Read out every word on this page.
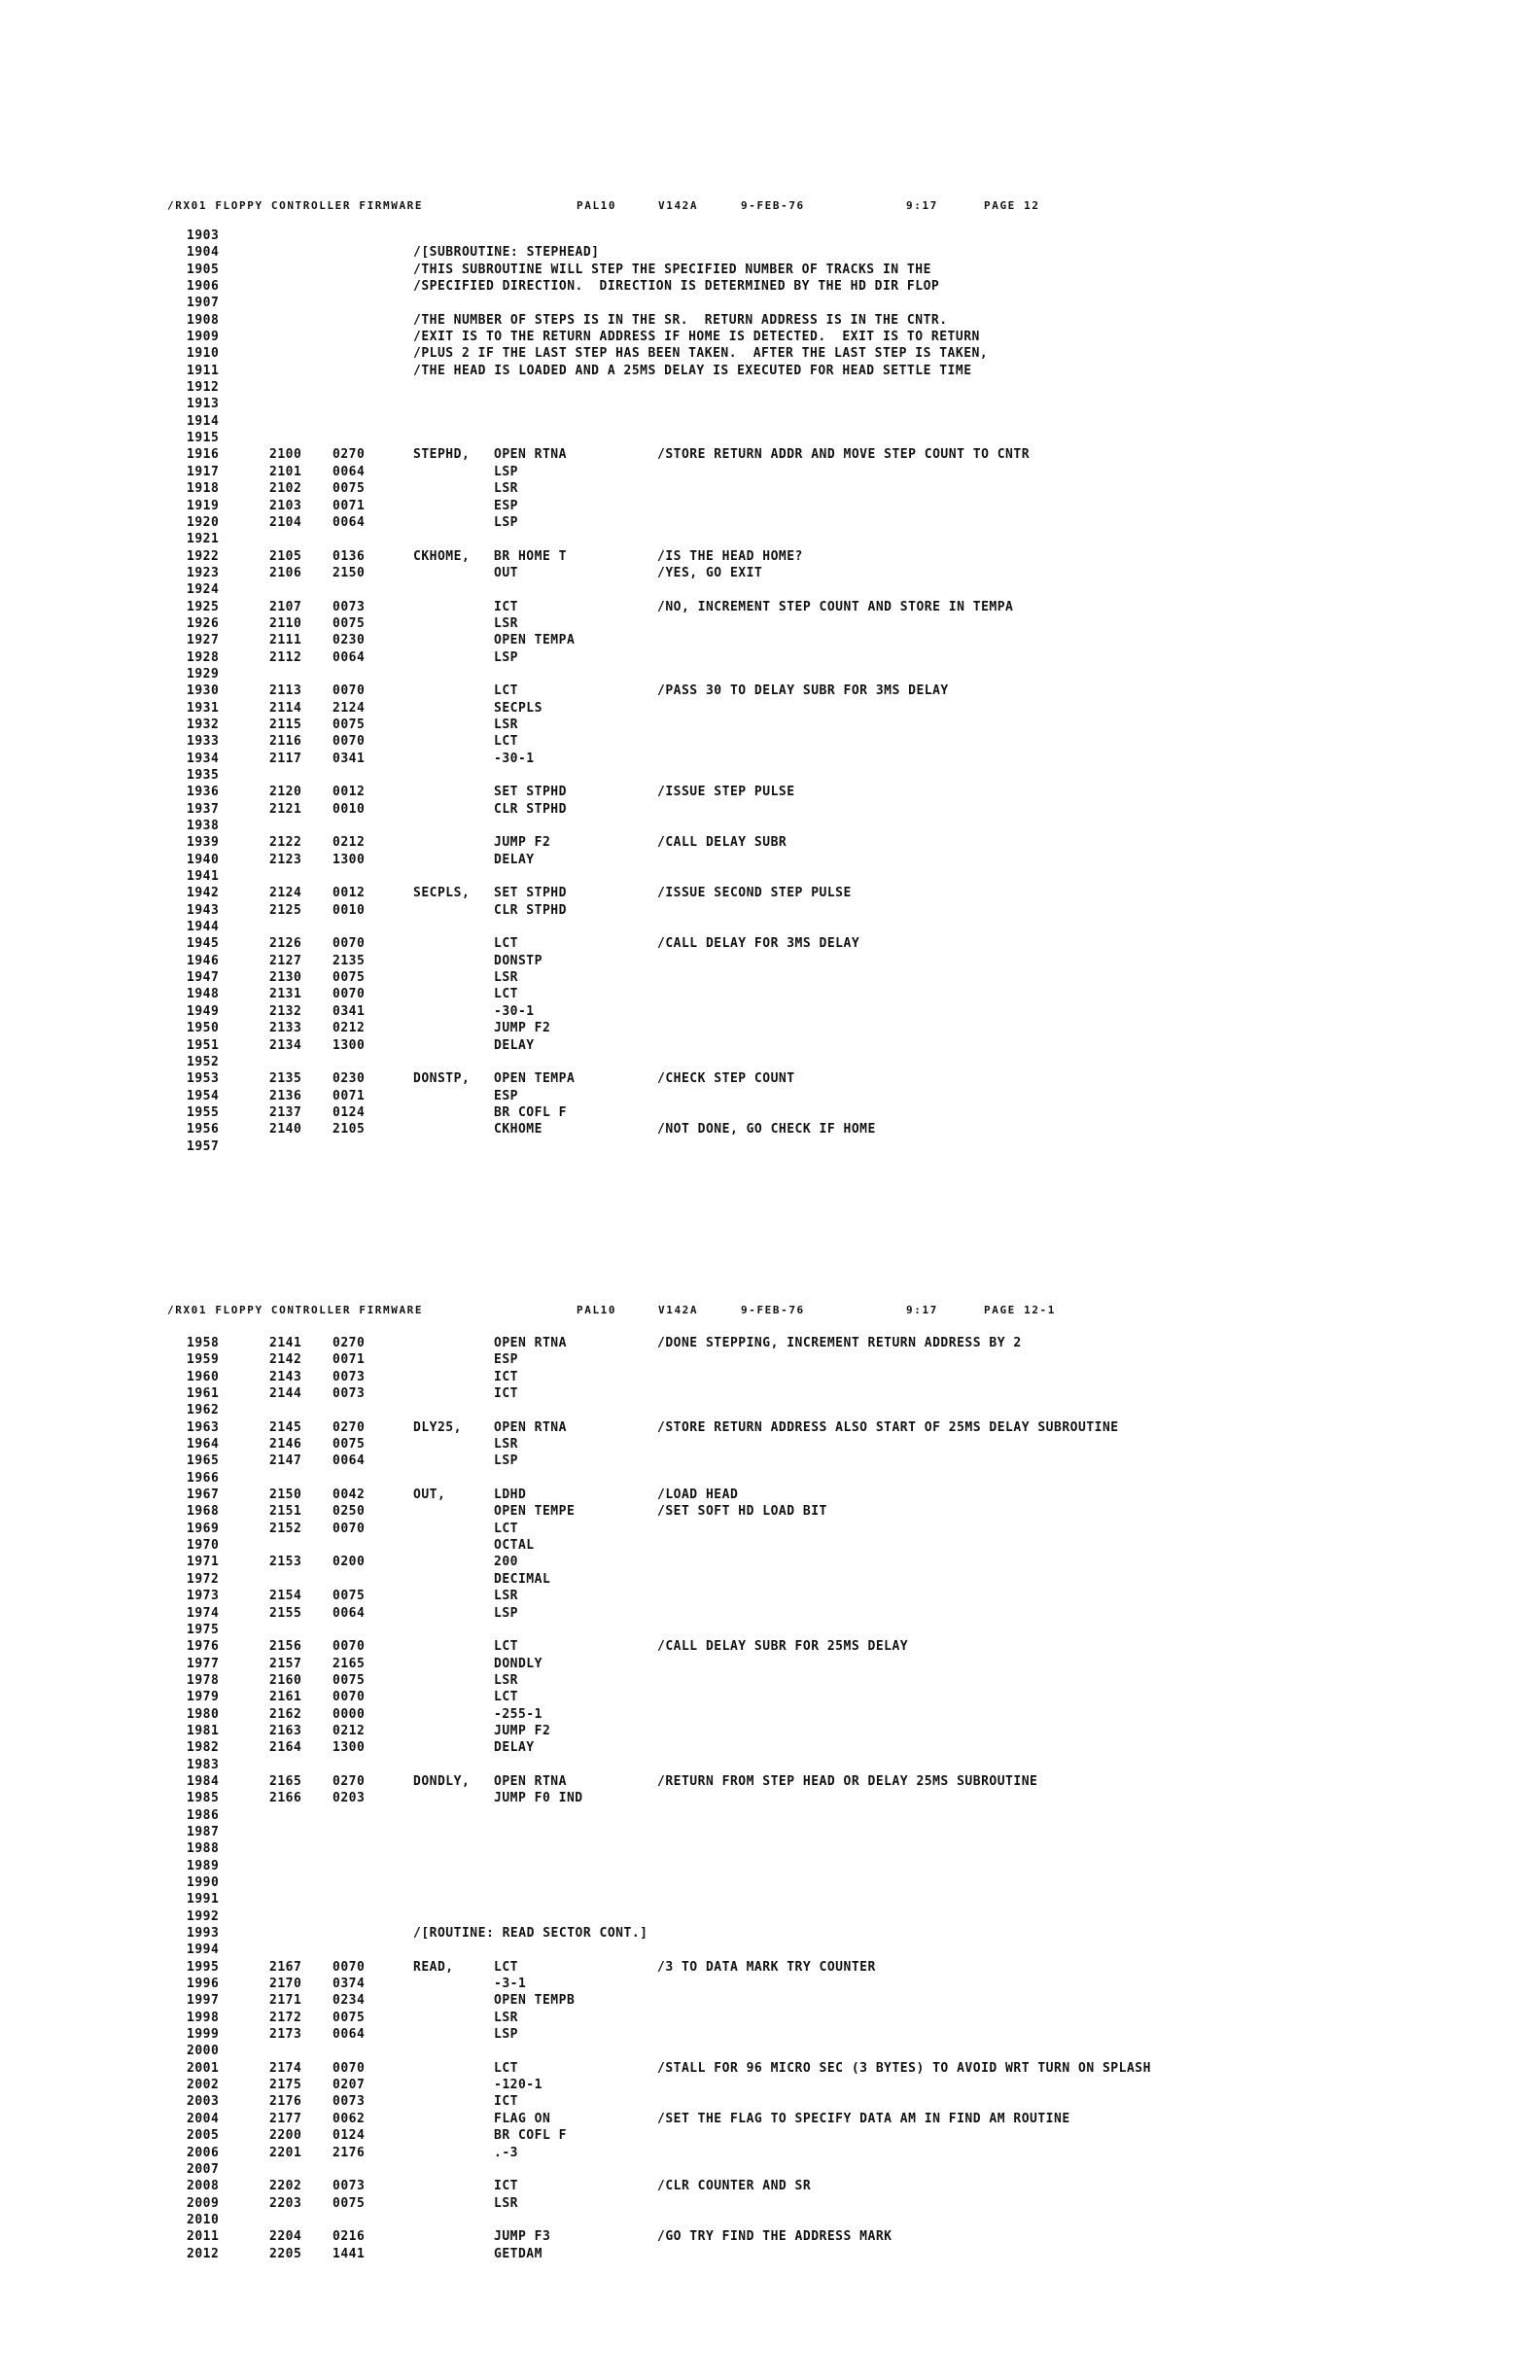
/RX01 FLOPPY CONTROLLER FIRMWARE

	PAL10

	V142A

	9-FEB-76

	9:17

	PAGE 12

1903
1904	/[SUBROUTINE: STEPHEAD]
1905	/THIS SUBROUTINE WILL STEP THE SPECIFIED NUMBER OF TRACKS IN THE
1906	/SPECIFIED DIRECTION.  DIRECTION IS DETERMINED BY THE HD DIR FLOP
1907
1908	/THE NUMBER OF STEPS IS IN THE SR.  RETURN ADDRESS IS IN THE CNTR.
1909	/EXIT IS TO THE RETURN ADDRESS IF HOME IS DETECTED.  EXIT IS TO RETURN
1910	/PLUS 2 IF THE LAST STEP HAS BEEN TAKEN.  AFTER THE LAST STEP IS TAKEN,
1911	/THE HEAD IS LOADED AND A 25MS DELAY IS EXECUTED FOR HEAD SETTLE TIME
1912
1913
1914
1915
1916	2100 0270	STEPHD, OPEN RTNA	/STORE RETURN ADDR AND MOVE STEP COUNT TO CNTR
1917	2101 0064	LSP
1918	2102 0075	LSR
1919	2103 0071	ESP
1920	2104 0064	LSP
1921
1922	2105 0136	CKHOME, BR HOME T	/IS THE HEAD HOME?
1923	2106 2150	OUT	/YES, GO EXIT
1924
1925	2107 0073	ICT	/NO, INCREMENT STEP COUNT AND STORE IN TEMPA
1926	2110 0075	LSR
1927	2111 0230	OPEN TEMPA
1928	2112 0064	LSP
1929
1930	2113 0070	LCT	/PASS 30 TO DELAY SUBR FOR 3MS DELAY
1931	2114 2124	SECPLS
1932	2115 0075	LSR
1933	2116 0070	LCT
1934	2117 0341	-30-1
1935
1936	2120 0012	SET STPHD	/ISSUE STEP PULSE
1937	2121 0010	CLR STPHD
1938
1939	2122 0212	JUMP F2	/CALL DELAY SUBR
1940	2123 1300	DELAY
1941
1942	2124 0012	SECPLS, SET STPHD	/ISSUE SECOND STEP PULSE
1943	2125 0010	CLR STPHD
1944
1945	2126 0070	LCT	/CALL DELAY FOR 3MS DELAY
1946	2127 2135	DONSTP
1947	2130 0075	LSR
1948	2131 0070	LCT
1949	2132 0341	-30-1
1950	2133 0212	JUMP F2
1951	2134 1300	DELAY
1952
1953	2135 0230	DONSTP, OPEN TEMPA	/CHECK STEP COUNT
1954	2136 0071	ESP
1955	2137 0124	BR COFL F
1956	2140 2105	CKHOME	/NOT DONE, GO CHECK IF HOME
1957

/RX01 FLOPPY CONTROLLER FIRMWARE

	PAL10

	V142A

	9-FEB-76

	9:17

	PAGE 12-1

1958	2141 0270	OPEN RTNA	/DONE STEPPING, INCREMENT RETURN ADDRESS BY 2
1959	2142 0071	ESP
1960	2143 0073	ICT
1961	2144 0073	ICT
1962
1963	2145 0270	DLY25,	OPEN RTNA	/STORE RETURN ADDRESS ALSO START OF 25MS DELAY SUBROUTINE
1964	2146 0075	LSR
1965	2147 0064	LSP
1966
1967	2150 0042	OUT,	LDHD	/LOAD HEAD
1968	2151 0250	OPEN TEMPE	/SET SOFT HD LOAD BIT
1969	2152 0070	LCT
1970	OCTAL
1971	2153 0200	200
1972	DECIMAL
1973	2154 0075	LSR
1974	2155 0064	LSP
1975
1976	2156 0070	LCT	/CALL DELAY SUBR FOR 25MS DELAY
1977	2157 2165	DONDLY
1978	2160 0075	LSR
1979	2161 0070	LCT
1980	2162 0000	-255-1
1981	2163 0212	JUMP F2
1982	2164 1300	DELAY
1983
1984	2165 0270	DONDLY, OPEN RTNA	/RETURN FROM STEP HEAD OR DELAY 25MS SUBROUTINE
1985	2166 0203	JUMP F0 IND
1986
1987
1988
1989
1990
1991
1992
1993	/[ROUTINE: READ SECTOR CONT.]
1994
1995	2167 0070	READ,	LCT	/3 TO DATA MARK TRY COUNTER
1996	2170 0374	-3-1
1997	2171 0234	OPEN TEMPB
1998	2172 0075	LSR
1999	2173 0064	LSP
2000
2001	2174 0070	LCT	/STALL FOR 96 MICRO SEC (3 BYTES) TO AVOID WRT TURN ON SPLASH
2002	2175 0207	-120-1
2003	2176 0073	ICT
2004	2177 0062	FLAG ON	/SET THE FLAG TO SPECIFY DATA AM IN FIND AM ROUTINE
2005	2200 0124	BR COFL F
2006	2201 2176	.-3
2007
2008	2202 0073	ICT	/CLR COUNTER AND SR
2009	2203 0075	LSR
2010
2011	2204 0216	JUMP F3	/GO TRY FIND THE ADDRESS MARK
2012	2205 1441	GETDAM
